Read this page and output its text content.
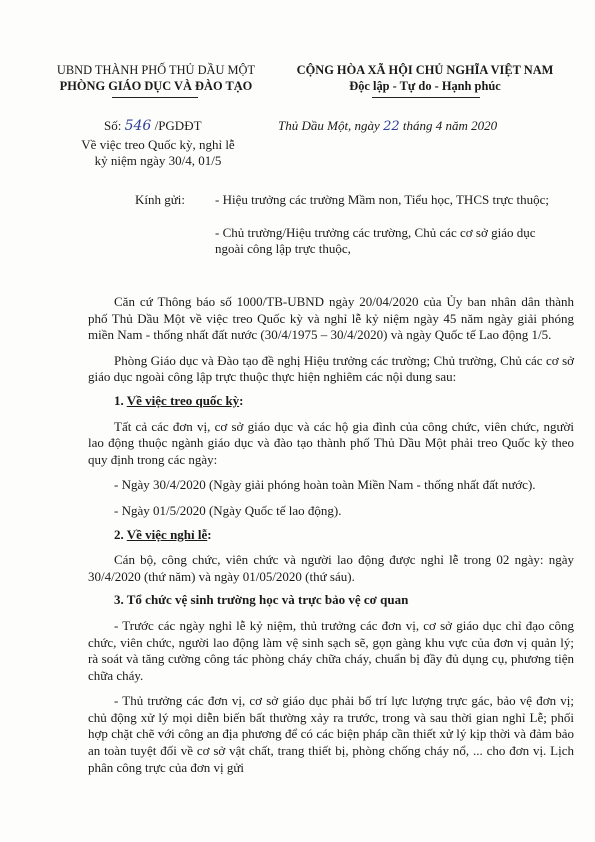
UBND THÀNH PHỐ THỦ DẦU MỘT
PHÒNG GIÁO DỤC VÀ ĐÀO TẠO
CỘNG HÒA XÃ HỘI CHỦ NGHĨA VIỆT NAM
Độc lập - Tự do - Hạnh phúc
Số: 546 /PGDĐT	Thủ Dầu Một, ngày 22 tháng 4 năm 2020
Về việc treo Quốc kỳ, nghỉ lễ
kỷ niệm ngày 30/4, 01/5
Kính gửi: - Hiệu trưởng các trường Mầm non, Tiểu học, THCS trực thuộc;
- Chủ trường/Hiệu trưởng các trường, Chủ các cơ sở giáo dục ngoài công lập trực thuộc,

Căn cứ Thông báo số 1000/TB-UBND ngày 20/04/2020 của Ủy ban nhân dân thành phố Thủ Dầu Một về việc treo Quốc kỳ và nghỉ lễ kỷ niệm ngày 45 năm ngày giải phóng miền Nam - thống nhất đất nước (30/4/1975 – 30/4/2020) và ngày Quốc tế Lao động 1/5.

Phòng Giáo dục và Đào tạo đề nghị Hiệu trưởng các trường; Chủ trường, Chủ các cơ sở giáo dục ngoài công lập trực thuộc thực hiện nghiêm các nội dung sau:

1. Về việc treo quốc kỳ:

Tất cả các đơn vị, cơ sở giáo dục và các hộ gia đình của công chức, viên chức, người lao động thuộc ngành giáo dục và đào tạo thành phố Thủ Dầu Một phải treo Quốc kỳ theo quy định trong các ngày:

- Ngày 30/4/2020 (Ngày giải phóng hoàn toàn Miền Nam - thống nhất đất nước).

- Ngày 01/5/2020 (Ngày Quốc tế lao động).

2. Về việc nghỉ lễ:

Cán bộ, công chức, viên chức và người lao động được nghỉ lễ trong 02 ngày: ngày 30/4/2020 (thứ năm) và ngày 01/05/2020 (thứ sáu).

3. Tổ chức vệ sinh trường học và trực bảo vệ cơ quan

- Trước các ngày nghỉ lễ kỷ niệm, thủ trưởng các đơn vị, cơ sở giáo dục chỉ đạo công chức, viên chức, người lao động làm vệ sinh sạch sẽ, gọn gàng khu vực của đơn vị quản lý; rà soát và tăng cường công tác phòng cháy chữa cháy, chuẩn bị đầy đủ dụng cụ, phương tiện chữa cháy.

- Thủ trưởng các đơn vị, cơ sở giáo dục phải bố trí lực lượng trực gác, bảo vệ đơn vị; chủ động xử lý mọi diễn biến bất thường xảy ra trước, trong và sau thời gian nghỉ Lễ; phối hợp chặt chẽ với công an địa phương để có các biện pháp cần thiết xử lý kịp thời và đảm bảo an toàn tuyệt đối về cơ sở vật chất, trang thiết bị, phòng chống cháy nổ, ... cho đơn vị. Lịch phân công trực của đơn vị gửi
